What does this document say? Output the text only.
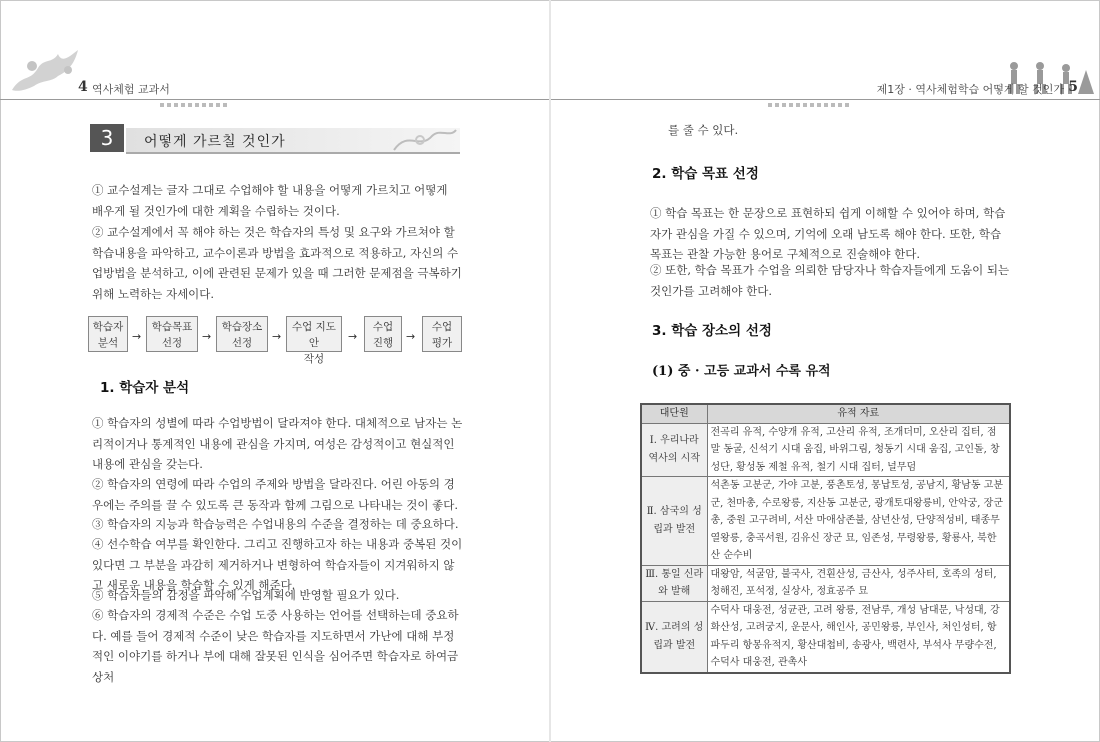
4 역사체험 교과서	제1장 · 역사체험학습 어떻게 할 것인가 5
3	어떻게 가르칠 것인가
① 교수설계는 글자 그대로 수업해야 할 내용을 어떻게 가르치고 어떻게 배우게 될 것인가에 대한 계획을 수립하는 것이다.
② 교수설계에서 꼭 해야 하는 것은 학습자의 특성 및 요구와 가르쳐야 할 학습내용을 파악하고, 교수이론과 방법을 효과적으로 적용하고, 자신의 수업방법을 분석하고, 이에 관련된 문제가 있을 때 그러한 문제점을 극복하기 위해 노력하는 자세이다.
학습자
분석	→
학습목표
선정	→
학습장소
선정	→
수업 지도안
작성
→
수업
진행	→
수업
평가
1. 학습자 분석
① 학습자의 성별에 따라 수업방법이 달라져야 한다. 대체적으로 남자는 논리적이거나 통계적인 내용에 관심을 가지며, 여성은 감성적이고 현실적인 내용에 관심을 갖는다.
② 학습자의 연령에 따라 수업의 주제와 방법을 달라진다. 어린 아동의 경우에는 주의를 끌 수 있도록 큰 동작과 함께 그림으로 나타내는 것이 좋다.
③ 학습자의 지능과 학습능력은 수업내용의 수준을 결정하는 데 중요하다.
④ 선수학습 여부를 확인한다. 그리고 진행하고자 하는 내용과 중복된 것이 있다면 그 부분을 과감히 제거하거나 변형하여 학습자들이 지겨워하지 않고 새로운 내용을 학습할 수 있게 해준다.
⑤ 학습자들의 감정을 파악해 수업계획에 반영할 필요가 있다.
⑥ 학습자의 경제적 수준은 수업 도중 사용하는 언어를 선택하는데 중요하다. 예를 들어 경제적 수준이 낮은 학습자를 지도하면서 가난에 대해 부정적인 이야기를 하거나 부에 대해 잘못된 인식을 심어주면 학습자로 하여금 상처
를 줄 수 있다.
2. 학습 목표 선정
① 학습 목표는 한 문장으로 표현하되 쉽게 이해할 수 있어야 하며, 학습자가 관심을 가질 수 있으며, 기억에 오래 남도록 해야 한다. 또한, 학습 목표는 관찰 가능한 용어로 구체적으로 진술해야 한다.
② 또한, 학습 목표가 수업을 의뢰한 담당자나 학습자들에게 도움이 되는 것인가를 고려해야 한다.
3. 학습 장소의 선정
(1) 중 · 고등 교과서 수록 유적
대단원	유적 자료
Ⅰ. 우리나라 역사의 시작	전곡리 유적, 수양개 유적, 고산리 유적, 조개더미, 오산리 집터, 점말 동굴, 신석기 시대 움집, 바위그림, 청동기 시대 움집, 고인돌, 창성단, 황성동 제철 유적, 철기 시대 집터, 널무덤
Ⅱ. 삼국의 성립과 발전	석촌동 고분군, 가야 고분, 풍촌토성, 몽납토성, 공남지, 황남동 고분군, 천마총, 수로왕릉, 지산동 고분군, 광개토대왕릉비, 안악궁, 장군총, 중원 고구려비, 서산 마애삼존불, 삼년산성, 단양적성비, 태종무열왕릉, 충곡서원, 김유신 장군 묘, 임존성, 무령왕릉, 황룡사, 북한산 순수비
Ⅲ. 통일 신라와 발해	대왕암, 석굴암, 불국사, 견훤산성, 금산사, 성주사터, 호족의 성터, 청해진, 포석정, 실상사, 정효공주 묘
Ⅳ. 고려의 성립과 발전	수덕사 대웅전, 성균관, 고려 왕릉, 전남루, 개성 남대문, 낙성대, 강화산성, 고려궁지, 운문사, 해인사, 공민왕릉, 부인사, 처인성터, 항파두리 항몽유적지, 황산대첩비, 송광사, 백련사, 부석사 무량수전, 수덕사 대웅전, 관촉사
